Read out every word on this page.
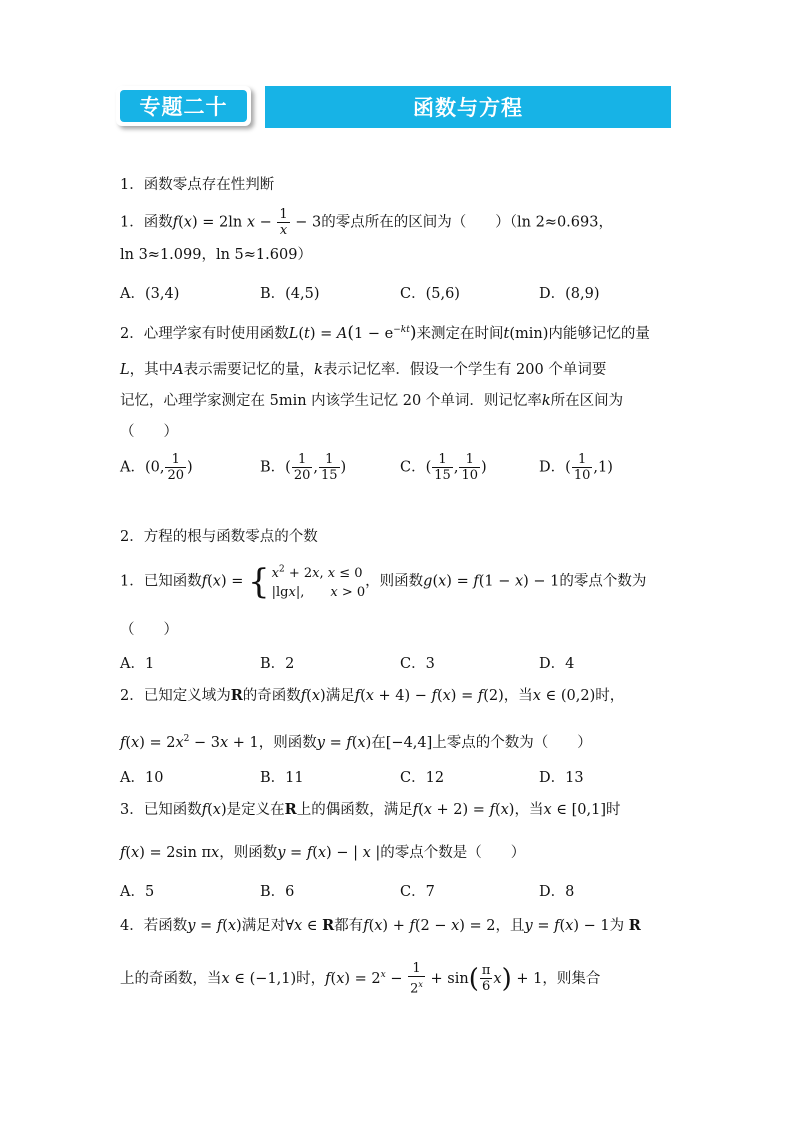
专题二十	函数与方程
1．函数零点存在性判断
1．函数f(x) = 2ln $x - \frac{1}{x} - 3$的零点所在的区间为（　　）（ln 2≈0.693，
ln 3≈1.099，ln 5≈1.609）
A．(3,4)	B．(4,5)	C．(5,6)	D．(8,9)
2．心理学家有时使用函数$L(t) = A(1 - e^{-kt})$来测定在时间t(min)内能够记忆的量
L，其中A表示需要记忆的量，k表示记忆率．假设一个学生有 200 个单词要
记忆，心理学家测定在 5min 内该学生记忆 20 个单词．则记忆率k所在区间为
（　　）
A．(0, $\frac{1}{20}$ )	B．( $\frac{1}{20}$ , $\frac{1}{15}$ )	C．( $\frac{1}{15}$ , $\frac{1}{10}$ )	D．( $\frac{1}{10} ,1$)
2．方程的根与函数零点的个数
1．已知函数f(x) = { $x^2 + 2x$, x ≤ 0
|lgx|,　　x > 0，则函数g(x) = f(1 − x) − 1的零点个数为
（　　）
A．1	B．2	C．3	D．4
2．已知定义域为R的奇函数f(x)满足f(x + 4) − f(x) = f(2)，当x ∈ (0,2)时，
$f(x) = 2x^2 - 3x + 1$，则函数y = f(x)在[−4,4]上零点的个数为（　　）
A．10	B．11	C．12	D．13
3．已知函数f(x)是定义在R上的偶函数，满足f(x + 2) = f(x)，当x ∈ [0,1]时
f(x) = 2sin πx，则函数y = f(x) − | x |的零点个数是（　　）
A．5	B．6	C．7	D．8
4．若函数y = f(x)满足对∀x ∈ R都有f(x) + f(2 − x) = 2，且y = f(x) − 1为 R
上的奇函数，当x ∈ (−1,1)时，$f(x) = 2^x - \frac{1}{2^x} + \sin( \frac{\pi}{6} x) + 1$，则集合
